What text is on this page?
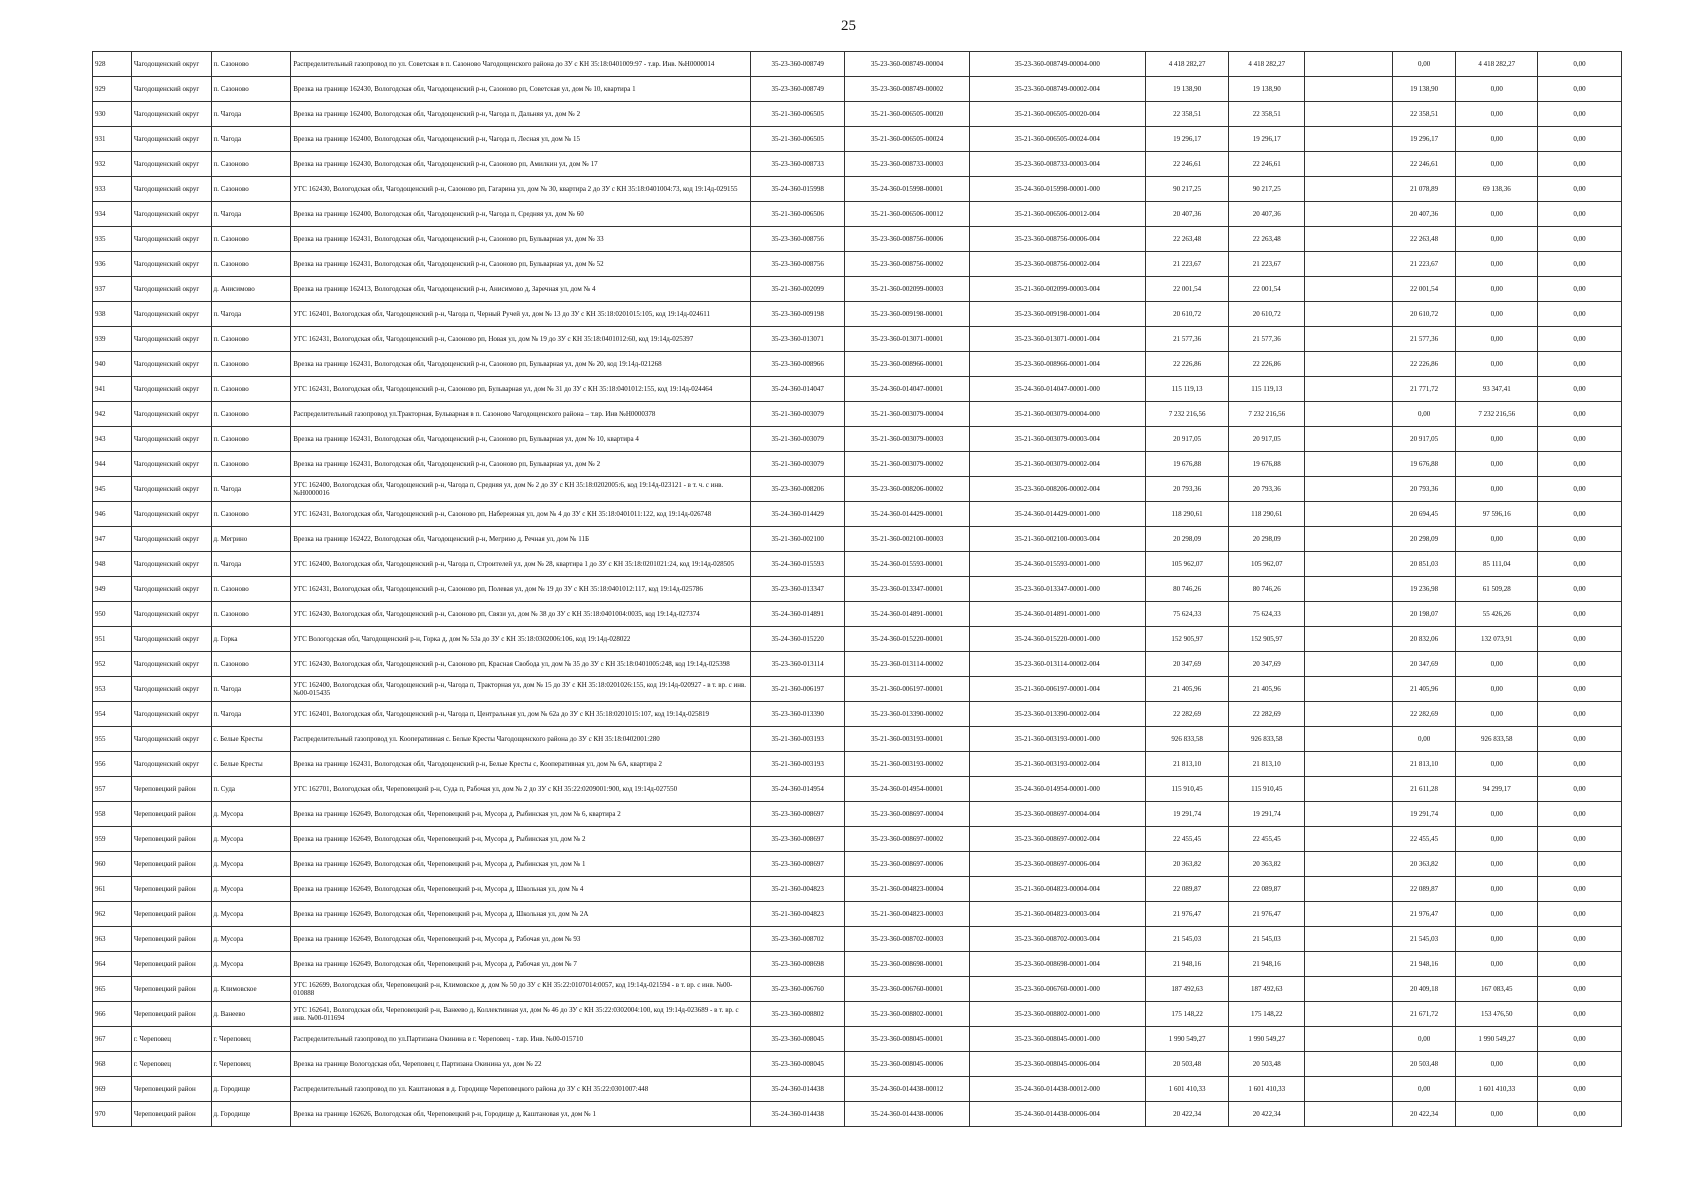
25
928	Чагодощенский округ	п. Сазоново	Распределительный газопровод по ул. Советская в п. Сазоново Чагодощенского района до ЗУ с КН 35:18:0401009:97 - т.вр. Инв. №Н0000014	35-23-360-008749	35-23-360-008749-00004	35-23-360-008749-00004-000	4 418 282,27	4 418 282,27		0,00	4 418 282,27	0,00
929	Чагодощенский округ	п. Сазоново	Врезка на границе 162430, Вологодская обл, Чагодощенский р-н, Сазоново рп, Советская ул, дом № 10, квартира 1	35-23-360-008749	35-23-360-008749-00002	35-23-360-008749-00002-004	19 138,90	19 138,90		19 138,90	0,00	0,00
930	Чагодощенский округ	п. Чагода	Врезка на границе 162400, Вологодская обл, Чагодощенский р-н, Чагода п, Дальняя ул, дом № 2	35-21-360-006505	35-21-360-006505-00020	35-21-360-006505-00020-004	22 358,51	22 358,51		22 358,51	0,00	0,00
931	Чагодощенский округ	п. Чагода	Врезка на границе 162400, Вологодская обл, Чагодощенский р-н, Чагода п, Лесная ул, дом № 15	35-21-360-006505	35-21-360-006505-00024	35-21-360-006505-00024-004	19 296,17	19 296,17		19 296,17	0,00	0,00
932	Чагодощенский округ	п. Сазоново	Врезка на границе 162430, Вологодская обл, Чагодощенский р-н, Сазоново рп, Амилкин ул, дом № 17	35-23-360-008733	35-23-360-008733-00003	35-23-360-008733-00003-004	22 246,61	22 246,61		22 246,61	0,00	0,00
933	Чагодощенский округ	п. Сазоново	УГС 162430, Вологодская обл, Чагодощенский р-н, Сазоново рп, Гагарина ул, дом № 30, квартира 2 до ЗУ с КН 35:18:0401004:73, код 19:14д-029155	35-24-360-015998	35-24-360-015998-00001	35-24-360-015998-00001-000	90 217,25	90 217,25		21 078,89	69 138,36	0,00
934	Чагодощенский округ	п. Чагода	Врезка на границе 162400, Вологодская обл, Чагодощенский р-н, Чагода п, Средняя ул, дом № 60	35-21-360-006506	35-21-360-006506-00012	35-21-360-006506-00012-004	20 407,36	20 407,36		20 407,36	0,00	0,00
935	Чагодощенский округ	п. Сазоново	Врезка на границе 162431, Вологодская обл, Чагодощенский р-н, Сазоново рп, Бульварная ул, дом № 33	35-23-360-008756	35-23-360-008756-00006	35-23-360-008756-00006-004	22 263,48	22 263,48		22 263,48	0,00	0,00
936	Чагодощенский округ	п. Сазоново	Врезка на границе 162431, Вологодская обл, Чагодощенский р-н, Сазоново рп, Бульварная ул, дом № 52	35-23-360-008756	35-23-360-008756-00002	35-23-360-008756-00002-004	21 223,67	21 223,67		21 223,67	0,00	0,00
937	Чагодощенский округ	д. Анисимово	Врезка на границе 162413, Вологодская обл, Чагодощенский р-н, Анисимово д, Заречная ул, дом № 4	35-21-360-002099	35-21-360-002099-00003	35-21-360-002099-00003-004	22 001,54	22 001,54		22 001,54	0,00	0,00
938	Чагодощенский округ	п. Чагода	УГС 162401, Вологодская обл, Чагодощенский р-н, Чагода п, Черный Ручей ул, дом № 13 до ЗУ с КН 35:18:0201015:105, код 19:14д-024611	35-23-360-009198	35-23-360-009198-00001	35-23-360-009198-00001-004	20 610,72	20 610,72		20 610,72	0,00	0,00
939	Чагодощенский округ	п. Сазоново	УГС 162431, Вологодская обл, Чагодощенский р-н, Сазоново рп, Новая ул, дом № 19 до ЗУ с КН 35:18:0401012:60, код 19:14д-025397	35-23-360-013071	35-23-360-013071-00001	35-23-360-013071-00001-004	21 577,36	21 577,36		21 577,36	0,00	0,00
940	Чагодощенский округ	п. Сазоново	Врезка на границе 162431, Вологодская обл, Чагодощенский р-н, Сазоново рп, Бульварная ул, дом № 20, код 19:14д-021268	35-23-360-008966	35-23-360-008966-00001	35-23-360-008966-00001-004	22 226,86	22 226,86		22 226,86	0,00	0,00
941	Чагодощенский округ	п. Сазоново	УГС 162431, Вологодская обл, Чагодощенский р-н, Сазоново рп, Бульварная ул, дом № 31 до ЗУ с КН 35:18:0401012:155, код 19:14д-024464	35-24-360-014047	35-24-360-014047-00001	35-24-360-014047-00001-000	115 119,13	115 119,13		21 771,72	93 347,41	0,00
942	Чагодощенский округ	п. Сазоново	Распределительный газопровод ул.Тракторная, Бульварная в п. Сазоново Чагодощенского района – т.вр. Инв №Н0000378	35-21-360-003079	35-21-360-003079-00004	35-21-360-003079-00004-000	7 232 216,56	7 232 216,56		0,00	7 232 216,56	0,00
943	Чагодощенский округ	п. Сазоново	Врезка на границе 162431, Вологодская обл, Чагодощенский р-н, Сазоново рп, Бульварная ул, дом № 10, квартира 4	35-21-360-003079	35-21-360-003079-00003	35-21-360-003079-00003-004	20 917,05	20 917,05		20 917,05	0,00	0,00
944	Чагодощенский округ	п. Сазоново	Врезка на границе 162431, Вологодская обл, Чагодощенский р-н, Сазоново рп, Бульварная ул, дом № 2	35-21-360-003079	35-21-360-003079-00002	35-21-360-003079-00002-004	19 676,88	19 676,88		19 676,88	0,00	0,00
945	Чагодощенский округ	п. Чагода	УГС 162400, Вологодская обл, Чагодощенский р-н, Чагода п, Средняя ул, дом № 2 до ЗУ с КН 35:18:0202005:6, код 19:14д-023121 - в т. ч. с инв. №Н0000016	35-23-360-008206	35-23-360-008206-00002	35-23-360-008206-00002-004	20 793,36	20 793,36		20 793,36	0,00	0,00
946	Чагодощенский округ	п. Сазоново	УГС 162431, Вологодская обл, Чагодощенский р-н, Сазоново рп, Набережная ул, дом № 4 до ЗУ с КН 35:18:0401011:122, код 19:14д-026748	35-24-360-014429	35-24-360-014429-00001	35-24-360-014429-00001-000	118 290,61	118 290,61		20 694,45	97 596,16	0,00
947	Чагодощенский округ	д. Мегрино	Врезка на границе 162422, Вологодская обл, Чагодощенский р-н, Мегрино д, Речная ул, дом № 11Б	35-21-360-002100	35-21-360-002100-00003	35-21-360-002100-00003-004	20 298,09	20 298,09		20 298,09	0,00	0,00
948	Чагодощенский округ	п. Чагода	УГС 162400, Вологодская обл, Чагодощенский р-н, Чагода п, Строителей ул, дом № 28, квартира 1 до ЗУ с КН 35:18:0201021:24, код 19:14д-028505	35-24-360-015593	35-24-360-015593-00001	35-24-360-015593-00001-000	105 962,07	105 962,07		20 851,03	85 111,04	0,00
949	Чагодощенский округ	п. Сазоново	УГС 162431, Вологодская обл, Чагодощенский р-н, Сазоново рп, Полевая ул, дом № 19 до ЗУ с КН 35:18:0401012:117, код 19:14д-025786	35-23-360-013347	35-23-360-013347-00001	35-23-360-013347-00001-000	80 746,26	80 746,26		19 236,98	61 509,28	0,00
950	Чагодощенский округ	п. Сазоново	УГС 162430, Вологодская обл, Чагодощенский р-н, Сазоново рп, Связи ул, дом № 38 до ЗУ с КН 35:18:0401004:0035, код 19:14д-027374	35-24-360-014891	35-24-360-014891-00001	35-24-360-014891-00001-000	75 624,33	75 624,33		20 198,07	55 426,26	0,00
951	Чагодощенский округ	д. Горка	УГС Вологодская обл, Чагодощенский р-н, Горка д, дом № 53а до ЗУ с КН 35:18:0302006:106, код 19:14д-028022	35-24-360-015220	35-24-360-015220-00001	35-24-360-015220-00001-000	152 905,97	152 905,97		20 832,06	132 073,91	0,00
952	Чагодощенский округ	п. Сазоново	УГС 162430, Вологодская обл, Чагодощенский р-н, Сазоново рп, Красная Свобода ул, дом № 35 до ЗУ с КН 35:18:0401005:248, код 19:14д-025398	35-23-360-013114	35-23-360-013114-00002	35-23-360-013114-00002-004	20 347,69	20 347,69		20 347,69	0,00	0,00
953	Чагодощенский округ	п. Чагода	УГС 162400, Вологодская обл, Чагодощенский р-н, Чагода п, Тракторная ул, дом № 15 до ЗУ с КН 35:18:0201026:155, код 19:14д-020927 - в т. вр. с инв. №00-015435	35-21-360-006197	35-21-360-006197-00001	35-21-360-006197-00001-004	21 405,96	21 405,96		21 405,96	0,00	0,00
954	Чагодощенский округ	п. Чагода	УГС 162401, Вологодская обл, Чагодощенский р-н, Чагода п, Центральная ул, дом № 62а до ЗУ с КН 35:18:0201015:107, код 19:14д-025819	35-23-360-013390	35-23-360-013390-00002	35-23-360-013390-00002-004	22 282,69	22 282,69		22 282,69	0,00	0,00
955	Чагодощенский округ	с. Белые Кресты	Распределительный газопровод ул. Кооперативная с. Белые Кресты Чагодощенского района до ЗУ с КН 35:18:0402001:280	35-21-360-003193	35-21-360-003193-00001	35-21-360-003193-00001-000	926 833,58	926 833,58		0,00	926 833,58	0,00
956	Чагодощенский округ	с. Белые Кресты	Врезка на границе 162431, Вологодская обл, Чагодощенский р-н, Белые Кресты с, Кооперативная ул, дом № 6А, квартира 2	35-21-360-003193	35-21-360-003193-00002	35-21-360-003193-00002-004	21 813,10	21 813,10		21 813,10	0,00	0,00
957	Череповецкий район	п. Суда	УГС 162701, Вологодская обл, Череповецкий р-н, Суда п, Рабочая ул, дом № 2 до ЗУ с КН 35:22:0209001:900, код 19:14д-027550	35-24-360-014954	35-24-360-014954-00001	35-24-360-014954-00001-000	115 910,45	115 910,45		21 611,28	94 299,17	0,00
958	Череповецкий район	д. Мусора	Врезка на границе 162649, Вологодская обл, Череповецкий р-н, Мусора д, Рыбинская ул, дом № 6, квартира 2	35-23-360-008697	35-23-360-008697-00004	35-23-360-008697-00004-004	19 291,74	19 291,74		19 291,74	0,00	0,00
959	Череповецкий район	д. Мусора	Врезка на границе 162649, Вологодская обл, Череповецкий р-н, Мусора д, Рыбинская ул, дом № 2	35-23-360-008697	35-23-360-008697-00002	35-23-360-008697-00002-004	22 455,45	22 455,45		22 455,45	0,00	0,00
960	Череповецкий район	д. Мусора	Врезка на границе 162649, Вологодская обл, Череповецкий р-н, Мусора д, Рыбинская ул, дом № 1	35-23-360-008697	35-23-360-008697-00006	35-23-360-008697-00006-004	20 363,82	20 363,82		20 363,82	0,00	0,00
961	Череповецкий район	д. Мусора	Врезка на границе 162649, Вологодская обл, Череповецкий р-н, Мусора д, Школьная ул, дом № 4	35-21-360-004823	35-21-360-004823-00004	35-21-360-004823-00004-004	22 089,87	22 089,87		22 089,87	0,00	0,00
962	Череповецкий район	д. Мусора	Врезка на границе 162649, Вологодская обл, Череповецкий р-н, Мусора д, Школьная ул, дом № 2А	35-21-360-004823	35-21-360-004823-00003	35-21-360-004823-00003-004	21 976,47	21 976,47		21 976,47	0,00	0,00
963	Череповецкий район	д. Мусора	Врезка на границе 162649, Вологодская обл, Череповецкий р-н, Мусора д, Рабочая ул, дом № 93	35-23-360-008702	35-23-360-008702-00003	35-23-360-008702-00003-004	21 545,03	21 545,03		21 545,03	0,00	0,00
964	Череповецкий район	д. Мусора	Врезка на границе 162649, Вологодская обл, Череповецкий р-н, Мусора д, Рабочая ул, дом № 7	35-23-360-008698	35-23-360-008698-00001	35-23-360-008698-00001-004	21 948,16	21 948,16		21 948,16	0,00	0,00
965	Череповецкий район	д. Климовское	УГС 162699, Вологодская обл, Череповецкий р-н, Климовское д, дом № 50 до ЗУ с КН 35:22:0107014:0057, код 19:14д-021594 - в т. вр. с инв. №00-010888	35-23-360-006760	35-23-360-006760-00001	35-23-360-006760-00001-000	187 492,63	187 492,63		20 409,18	167 083,45	0,00
966	Череповецкий район	д. Ванеево	УГС 162641, Вологодская обл, Череповецкий р-н, Ванеево д, Коллективная ул, дом № 46 до ЗУ с КН 35:22:0302004:100, код 19:14д-023689 - в т. вр. с инв. №00-011694	35-23-360-008802	35-23-360-008802-00001	35-23-360-008802-00001-000	175 148,22	175 148,22		21 671,72	153 476,50	0,00
967	г. Череповец	г. Череповец	Распределительный газопровод по ул.Партизана Окинина в г. Череповец - т.вр. Инв. №00-015710	35-23-360-008045	35-23-360-008045-00001	35-23-360-008045-00001-000	1 990 549,27	1 990 549,27		0,00	1 990 549,27	0,00
968	г. Череповец	г. Череповец	Врезка на границе Вологодская обл, Череповец г, Партизана Окинина ул, дом № 22	35-23-360-008045	35-23-360-008045-00006	35-23-360-008045-00006-004	20 503,48	20 503,48		20 503,48	0,00	0,00
969	Череповецкий район	д. Городище	Распределительный газопровод по ул. Каштановая в д. Городище Череповецкого района до ЗУ с КН 35:22:0301007:448	35-24-360-014438	35-24-360-014438-00012	35-24-360-014438-00012-000	1 601 410,33	1 601 410,33		0,00	1 601 410,33	0,00
970	Череповецкий район	д. Городище	Врезка на границе 162626, Вологодская обл, Череповецкий р-н, Городище д, Каштановая ул, дом № 1	35-24-360-014438	35-24-360-014438-00006	35-24-360-014438-00006-004	20 422,34	20 422,34		20 422,34	0,00	0,00
